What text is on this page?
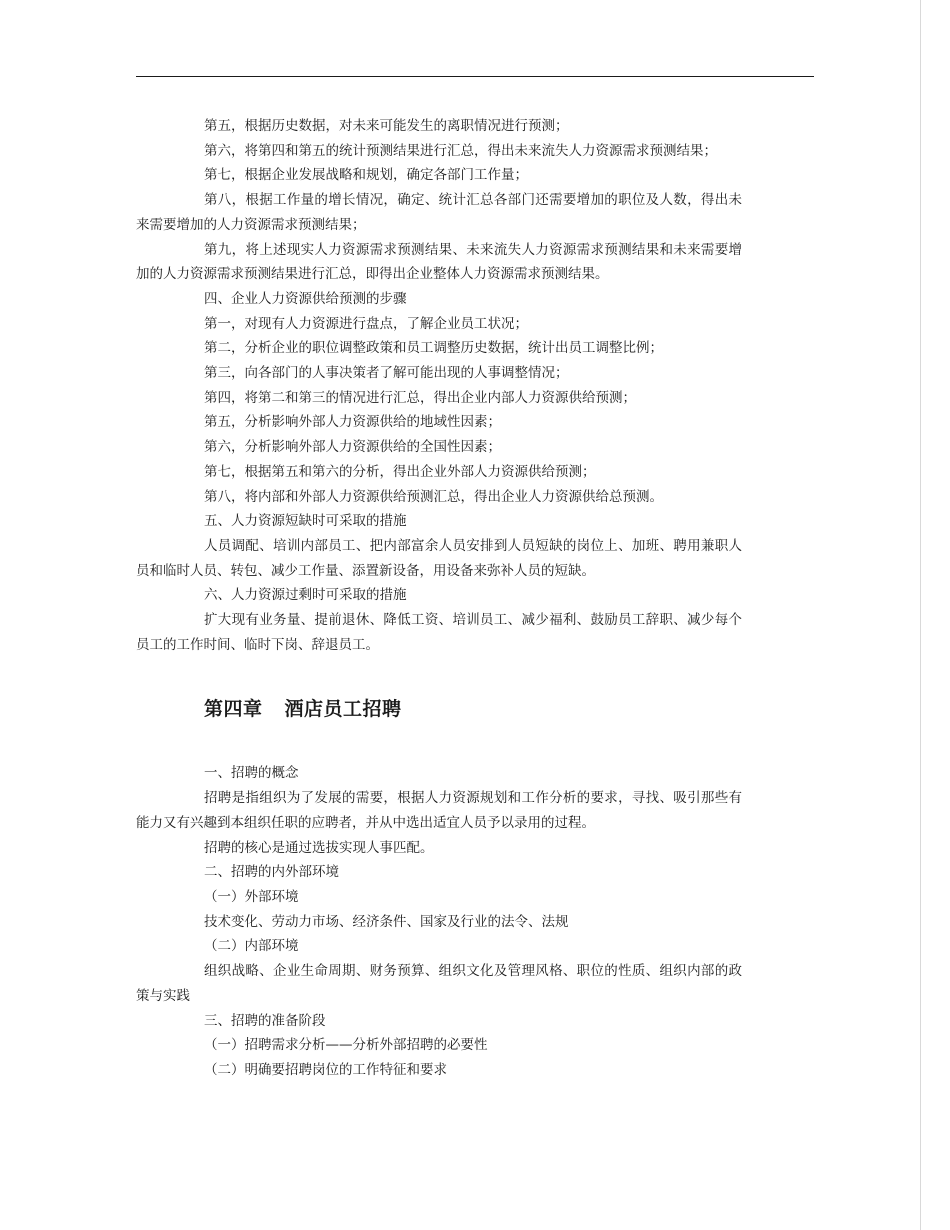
第五，根据历史数据，对未来可能发生的离职情况进行预测；

第六，将第四和第五的统计预测结果进行汇总，得出未来流失人力资源需求预测结果；

第七，根据企业发展战略和规划，确定各部门工作量；

第八，根据工作量的增长情况，确定、统计汇总各部门还需要增加的职位及人数，得出未来需要增加的人力资源需求预测结果；

第九，将上述现实人力资源需求预测结果、未来流失人力资源需求预测结果和未来需要增加的人力资源需求预测结果进行汇总，即得出企业整体人力资源需求预测结果。

四、企业人力资源供给预测的步骤

第一，对现有人力资源进行盘点，了解企业员工状况；

第二，分析企业的职位调整政策和员工调整历史数据，统计出员工调整比例；

第三，向各部门的人事决策者了解可能出现的人事调整情况；

第四，将第二和第三的情况进行汇总，得出企业内部人力资源供给预测；

第五，分析影响外部人力资源供给的地域性因素；

第六，分析影响外部人力资源供给的全国性因素；

第七，根据第五和第六的分析，得出企业外部人力资源供给预测；

第八，将内部和外部人力资源供给预测汇总，得出企业人力资源供给总预测。

五、人力资源短缺时可采取的措施

人员调配、培训内部员工、把内部富余人员安排到人员短缺的岗位上、加班、聘用兼职人员和临时人员、转包、减少工作量、添置新设备，用设备来弥补人员的短缺。

六、人力资源过剩时可采取的措施

扩大现有业务量、提前退休、降低工资、培训员工、减少福利、鼓励员工辞职、减少每个员工的工作时间、临时下岗、辞退员工。

第四章 酒店员工招聘

一、招聘的概念

招聘是指组织为了发展的需要，根据人力资源规划和工作分析的要求，寻找、吸引那些有能力又有兴趣到本组织任职的应聘者，并从中选出适宜人员予以录用的过程。

招聘的核心是通过选拔实现人事匹配。

二、招聘的内外部环境

（一）外部环境

技术变化、劳动力市场、经济条件、国家及行业的法令、法规

（二）内部环境

组织战略、企业生命周期、财务预算、组织文化及管理风格、职位的性质、组织内部的政策与实践

三、招聘的准备阶段

（一）招聘需求分析——分析外部招聘的必要性

（二）明确要招聘岗位的工作特征和要求
